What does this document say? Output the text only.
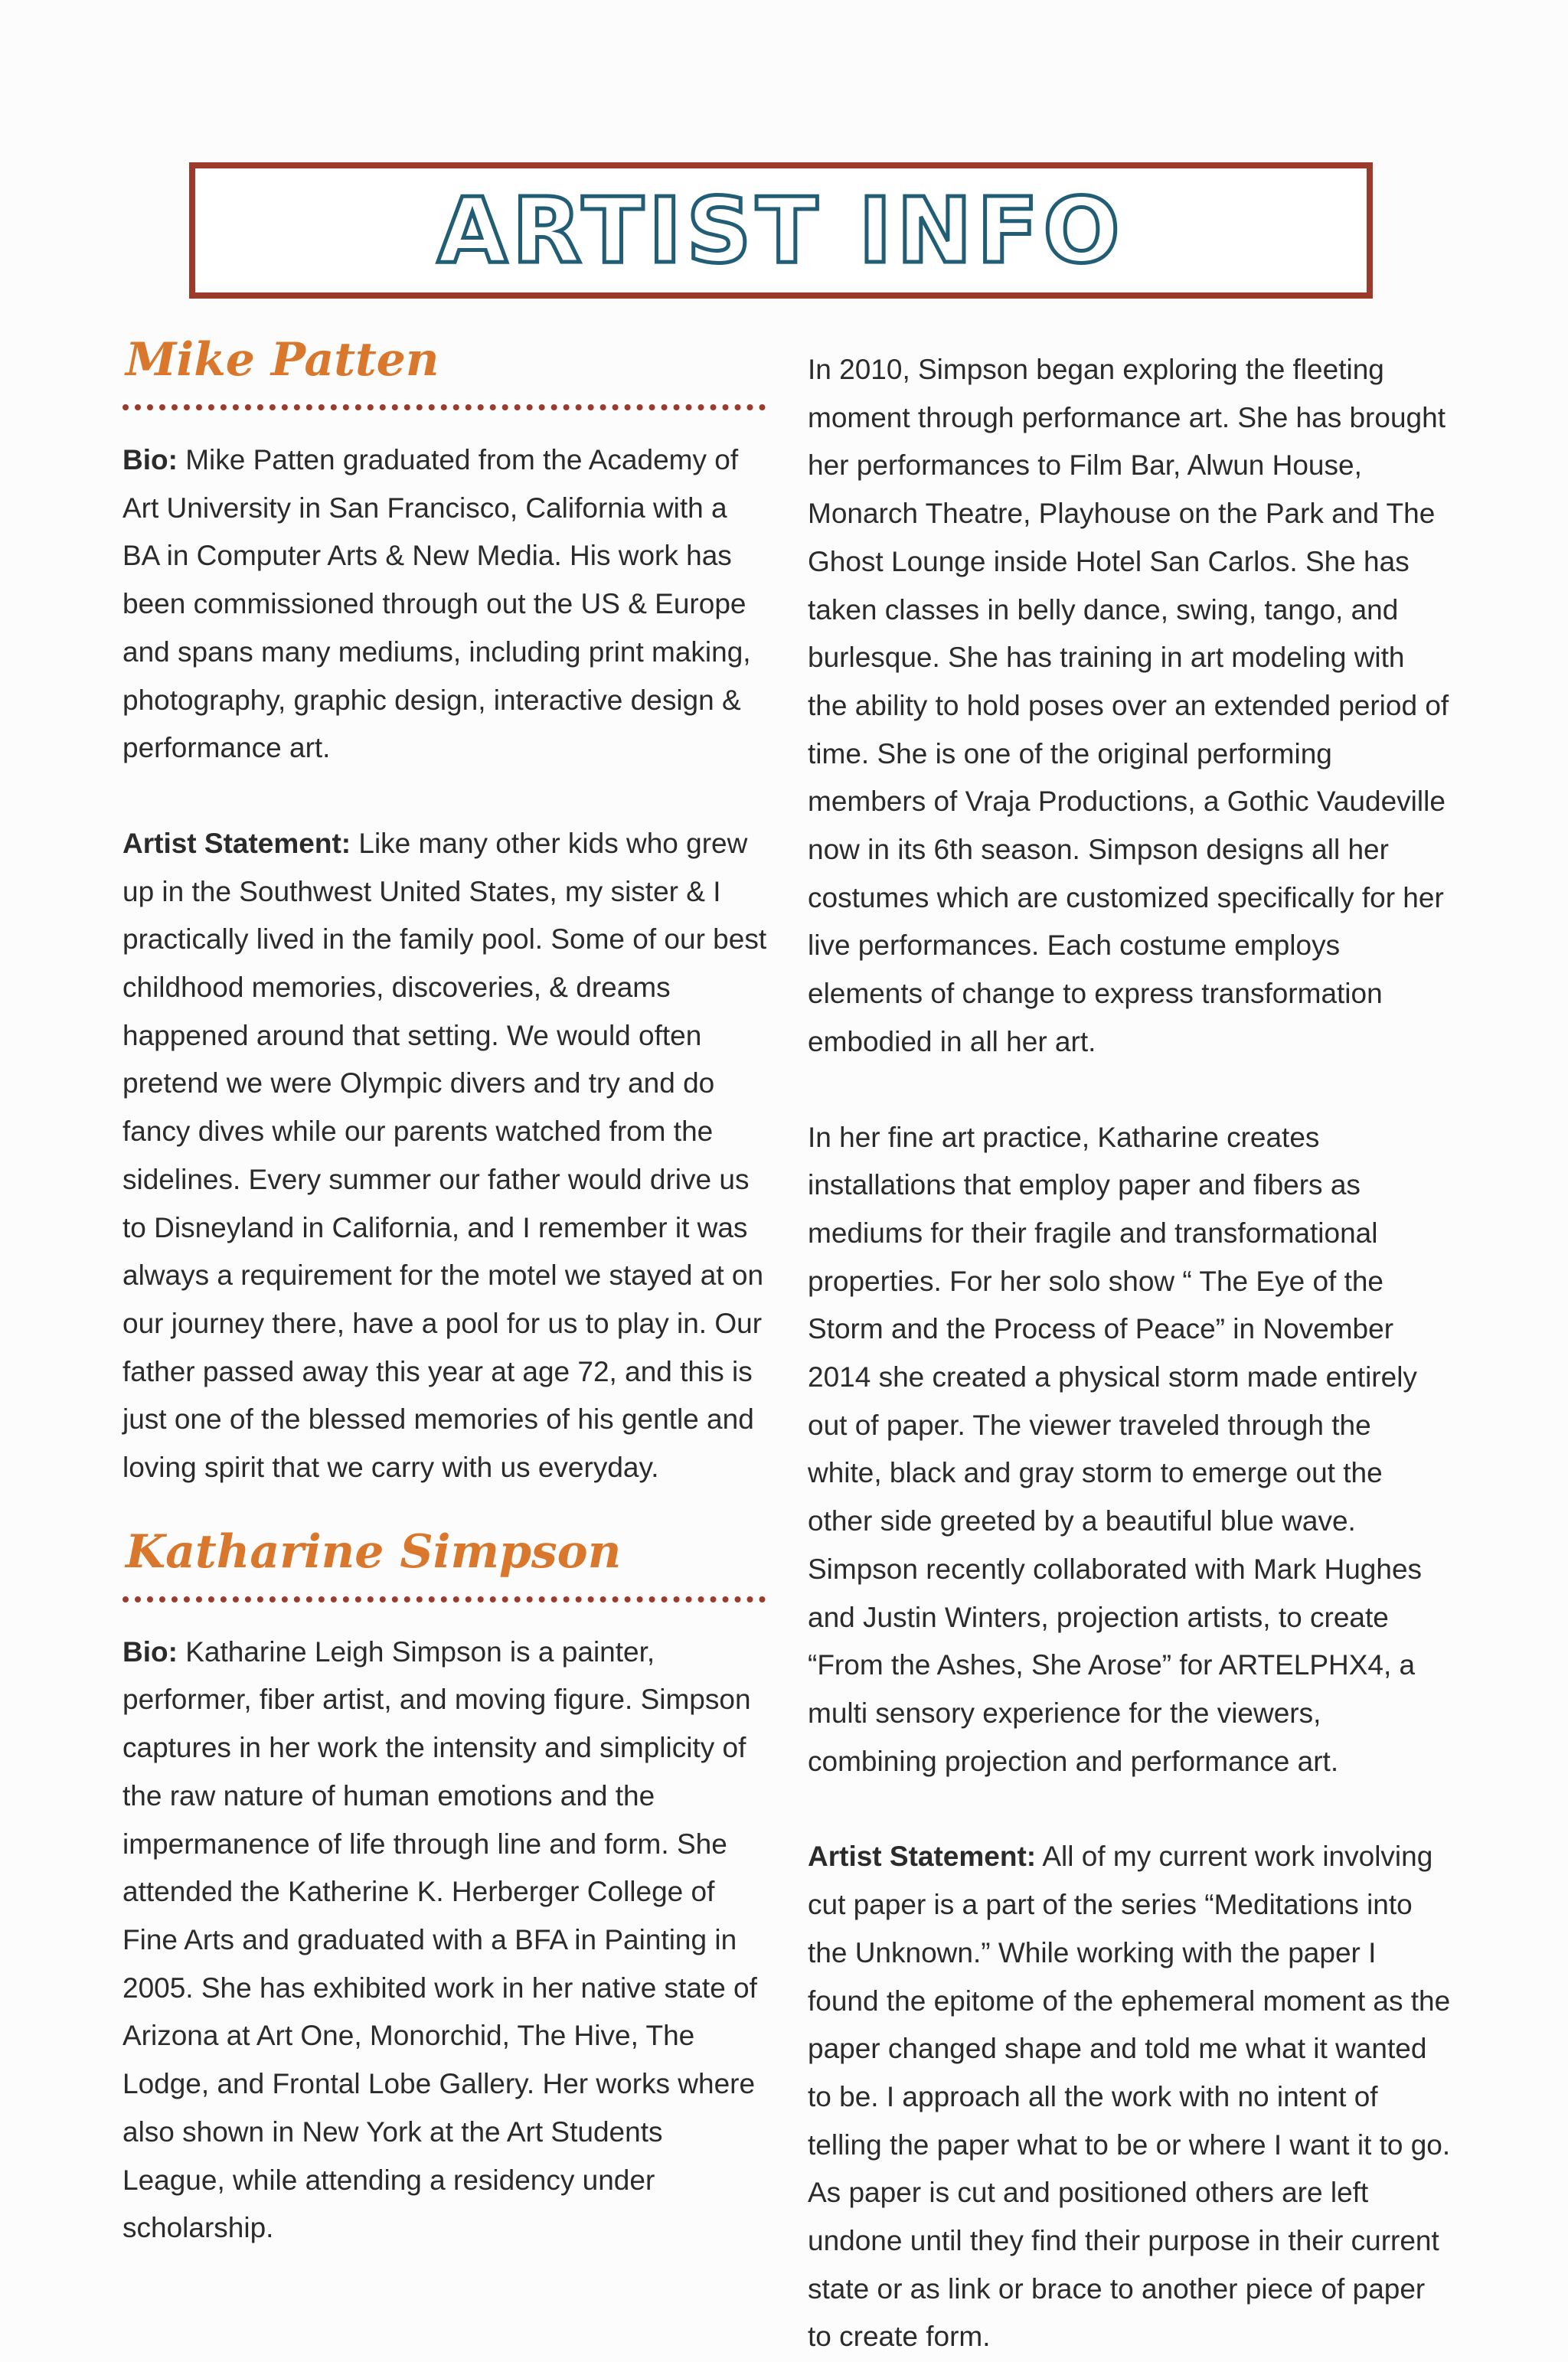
ARTIST INFO
Mike Patten

Bio: Mike Patten graduated from the Academy of Art University in San Francisco, California with a BA in Computer Arts & New Media. His work has been commissioned through out the US & Europe and spans many mediums, including print making, photography, graphic design, interactive design & performance art.

Artist Statement: Like many other kids who grew up in the Southwest United States, my sister & I practically lived in the family pool. Some of our best childhood memories, discoveries, & dreams happened around that setting. We would often pretend we were Olympic divers and try and do fancy dives while our parents watched from the sidelines. Every summer our father would drive us to Disneyland in California, and I remember it was always a requirement for the motel we stayed at on our journey there, have a pool for us to play in. Our father passed away this year at age 72, and this is just one of the blessed memories of his gentle and loving spirit that we carry with us everyday.

Katharine Simpson

Bio: Katharine Leigh Simpson is a painter, performer, fiber artist, and moving figure. Simpson captures in her work the intensity and simplicity of the raw nature of human emotions and the impermanence of life through line and form. She attended the Katherine K. Herberger College of Fine Arts and graduated with a BFA in Painting in 2005. She has exhibited work in her native state of Arizona at Art One, Monorchid, The Hive, The Lodge, and Frontal Lobe Gallery. Her works where also shown in New York at the Art Students League, while attending a residency under scholarship.

In 2010, Simpson began exploring the fleeting moment through performance art. She has brought her performances to Film Bar, Alwun House, Monarch Theatre, Playhouse on the Park and The Ghost Lounge inside Hotel San Carlos. She has taken classes in belly dance, swing, tango, and burlesque. She has training in art modeling with the ability to hold poses over an extended period of time. She is one of the original performing members of Vraja Productions, a Gothic Vaudeville now in its 6th season. Simpson designs all her costumes which are customized specifically for her live performances. Each costume employs elements of change to express transformation embodied in all her art.

In her fine art practice, Katharine creates installations that employ paper and fibers as mediums for their fragile and transformational properties. For her solo show “ The Eye of the Storm and the Process of Peace” in November 2014 she created a physical storm made entirely out of paper. The viewer traveled through the white, black and gray storm to emerge out the other side greeted by a beautiful blue wave. Simpson recently collaborated with Mark Hughes and Justin Winters, projection artists, to create “From the Ashes, She Arose” for ARTELPHX4, a multi sensory experience for the viewers, combining projection and performance art.

Artist Statement: All of my current work involving cut paper is a part of the series “Meditations into the Unknown.” While working with the paper I found the epitome of the ephemeral moment as the paper changed shape and told me what it wanted to be. I approach all the work with no intent of telling the paper what to be or where I want it to go. As paper is cut and positioned others are left undone until they find their purpose in their current state or as link or brace to another piece of paper to create form.
